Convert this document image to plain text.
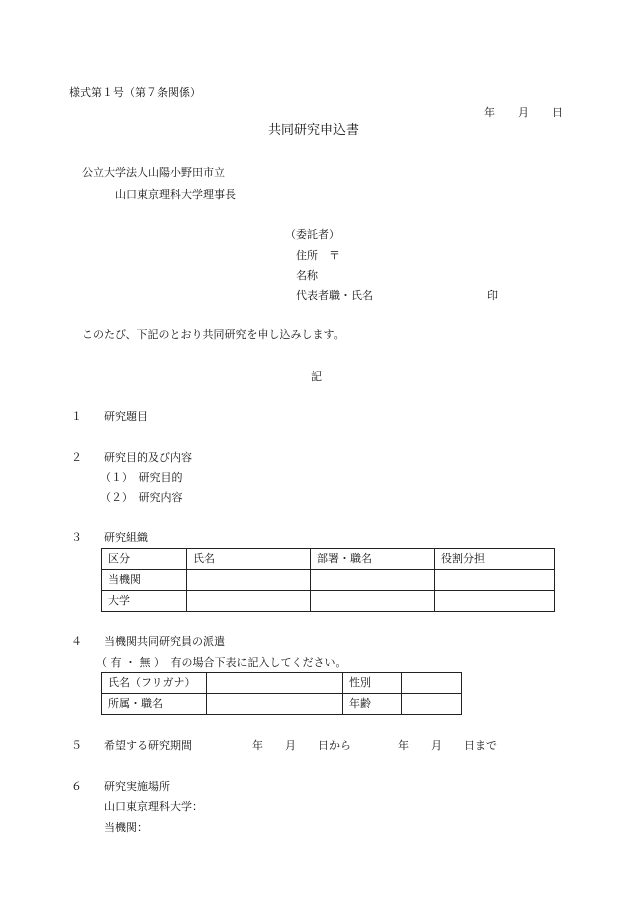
様式第１号（第７条関係）
年 月 日
共同研究申込書
公立大学法人山陽小野田市立
山口東京理科大学理事長
（委託者）
住所　〒
名称
代表者職・氏名	印
このたび、下記のとおり共同研究を申し込みします。
記
１ 研究題目
２ 研究目的及び内容
（１）　研究目的
（２）　研究内容
３ 研究組織
区分	氏名	部署・職名	役割分担
当機関			
大学			
４ 当機関共同研究員の派遣
（ 有 ・ 無 ）　有の場合下表に記入してください。
氏名（フリガナ）		性別	
所属・職名		年齢	
５ 希望する研究期間	年 月 日から	年 月 日まで
６ 研究実施場所
山口東京理科大学：
当機関：
